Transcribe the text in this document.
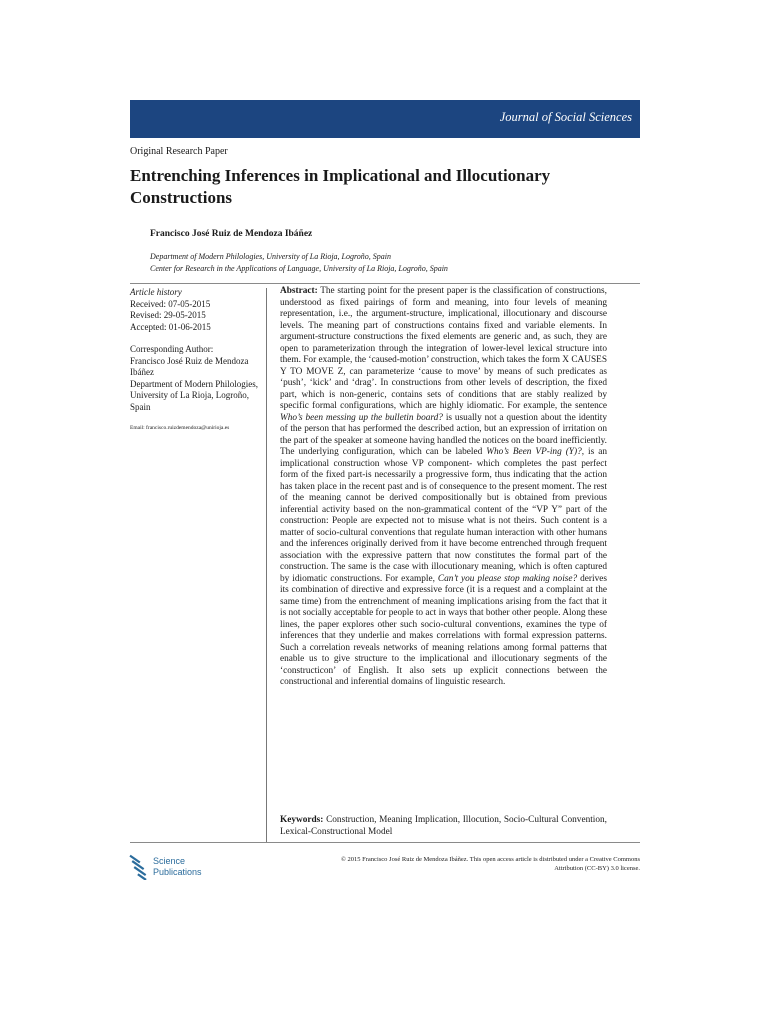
Journal of Social Sciences
Original Research Paper
Entrenching Inferences in Implicational and Illocutionary Constructions
Francisco José Ruiz de Mendoza Ibáñez
Department of Modern Philologies, University of La Rioja, Logroño, Spain
Center for Research in the Applications of Language, University of La Rioja, Logroño, Spain
Article history
Received: 07-05-2015
Revised: 29-05-2015
Accepted: 01-06-2015
Corresponding Author:
Francisco José Ruiz de Mendoza Ibáñez
Department of Modern Philologies, University of La Rioja, Logroño, Spain
Email: francisco.ruizdemendoza@unirioja.es

Abstract: The starting point for the present paper is the classification of constructions, understood as fixed pairings of form and meaning, into four levels of meaning representation, i.e., the argument-structure, implicational, illocutionary and discourse levels. The meaning part of constructions contains fixed and variable elements. In argument-structure constructions the fixed elements are generic and, as such, they are open to parameterization through the integration of lower-level lexical structure into them. For example, the ‘caused-motion’ construction, which takes the form X CAUSES Y TO MOVE Z, can parameterize ‘cause to move’ by means of such predicates as ‘push’, ‘kick’ and ‘drag’. In constructions from other levels of description, the fixed part, which is non-generic, contains sets of conditions that are stably realized by specific formal configurations, which are highly idiomatic. For example, the sentence Who’s been messing up the bulletin board? is usually not a question about the identity of the person that has performed the described action, but an expression of irritation on the part of the speaker at someone having handled the notices on the board inefficiently. The underlying configuration, which can be labeled Who’s Been VP-ing (Y)?, is an implicational construction whose VP component- which completes the past perfect form of the fixed part-is necessarily a progressive form, thus indicating that the action has taken place in the recent past and is of consequence to the present moment. The rest of the meaning cannot be derived compositionally but is obtained from previous inferential activity based on the non-grammatical content of the “VP Y” part of the construction: People are expected not to misuse what is not theirs. Such content is a matter of socio-cultural conventions that regulate human interaction with other humans and the inferences originally derived from it have become entrenched through frequent association with the expressive pattern that now constitutes the formal part of the construction. The same is the case with illocutionary meaning, which is often captured by idiomatic constructions. For example, Can’t you please stop making noise? derives its combination of directive and expressive force (it is a request and a complaint at the same time) from the entrenchment of meaning implications arising from the fact that it is not socially acceptable for people to act in ways that bother other people. Along these lines, the paper explores other such socio-cultural conventions, examines the type of inferences that they underlie and makes correlations with formal expression patterns. Such a correlation reveals networks of meaning relations among formal patterns that enable us to give structure to the implicational and illocutionary segments of the ‘constructicon’ of English. It also sets up explicit connections between the constructional and inferential domains of linguistic research.

Keywords: Construction, Meaning Implication, Illocution, Socio-Cultural Convention, Lexical-Constructional Model
Science
Publications
© 2015 Francisco José Ruiz de Mendoza Ibáñez. This open access article is distributed under a Creative Commons
Attribution (CC-BY) 3.0 license.
